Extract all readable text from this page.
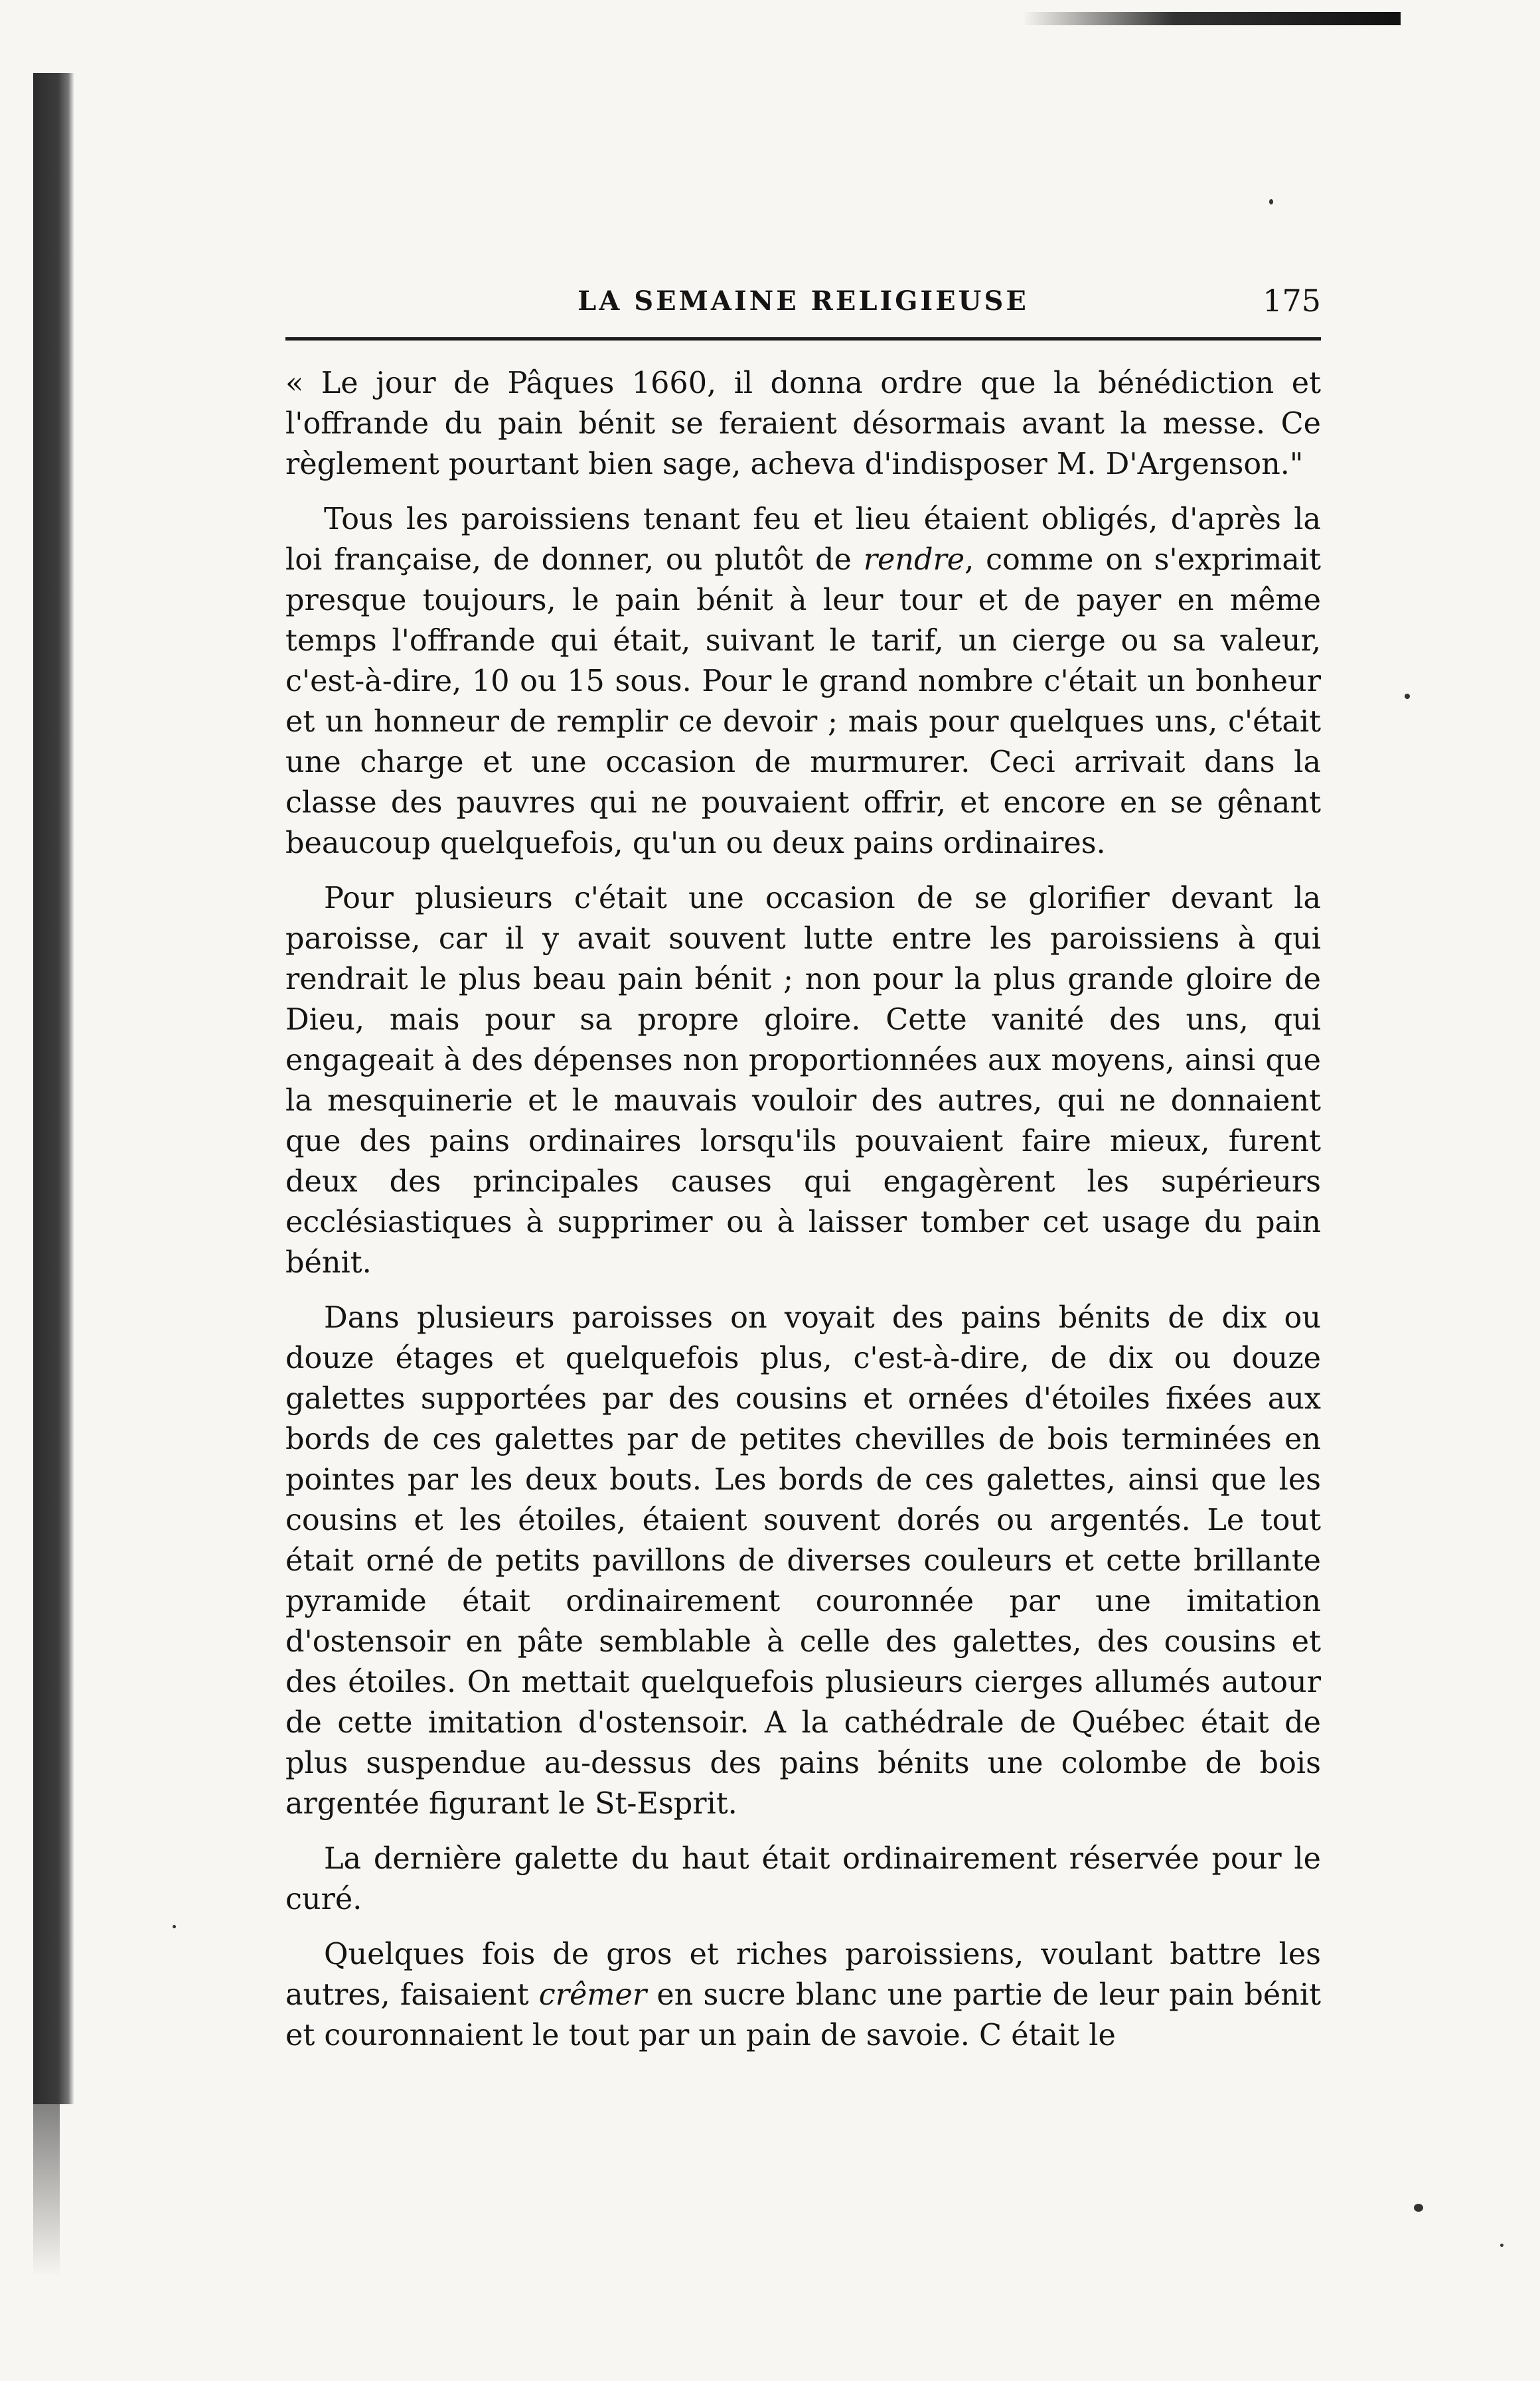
LA SEMAINE RELIGIEUSE	175

« Le jour de Pâques 1660, il donna ordre que la bénédiction et l'offrande du pain bénit se feraient désormais avant la messe. Ce règlement pourtant bien sage, acheva d'indisposer M. D'Argenson."

Tous les paroissiens tenant feu et lieu étaient obligés, d'après la loi française, de donner, ou plutôt de rendre, comme on s'exprimait presque toujours, le pain bénit à leur tour et de payer en même temps l'offrande qui était, suivant le tarif, un cierge ou sa valeur, c'est-à-dire, 10 ou 15 sous. Pour le grand nombre c'était un bonheur et un honneur de remplir ce devoir ; mais pour quelques uns, c'était une charge et une occasion de murmurer. Ceci arrivait dans la classe des pauvres qui ne pouvaient offrir, et encore en se gênant beaucoup quelquefois, qu'un ou deux pains ordinaires.

Pour plusieurs c'était une occasion de se glorifier devant la paroisse, car il y avait souvent lutte entre les paroissiens à qui rendrait le plus beau pain bénit ; non pour la plus grande gloire de Dieu, mais pour sa propre gloire. Cette vanité des uns, qui engageait à des dépenses non proportionnées aux moyens, ainsi que la mesquinerie et le mauvais vouloir des autres, qui ne donnaient que des pains ordinaires lorsqu'ils pouvaient faire mieux, furent deux des principales causes qui engagèrent les supérieurs ecclésiastiques à supprimer ou à laisser tomber cet usage du pain bénit.

Dans plusieurs paroisses on voyait des pains bénits de dix ou douze étages et quelquefois plus, c'est-à-dire, de dix ou douze galettes supportées par des cousins et ornées d'étoiles fixées aux bords de ces galettes par de petites chevilles de bois terminées en pointes par les deux bouts. Les bords de ces galettes, ainsi que les cousins et les étoiles, étaient souvent dorés ou argentés. Le tout était orné de petits pavillons de diverses couleurs et cette brillante pyramide était ordinairement couronnée par une imitation d'ostensoir en pâte semblable à celle des galettes, des cousins et des étoiles. On mettait quelquefois plusieurs cierges allumés autour de cette imitation d'ostensoir. A la cathédrale de Québec était de plus suspendue au-dessus des pains bénits une colombe de bois argentée figurant le St-Esprit.

La dernière galette du haut était ordinairement réservée pour le curé.

Quelques fois de gros et riches paroissiens, voulant battre les autres, faisaient crêmer en sucre blanc une partie de leur pain bénit et couronnaient le tout par un pain de savoie. C était le
